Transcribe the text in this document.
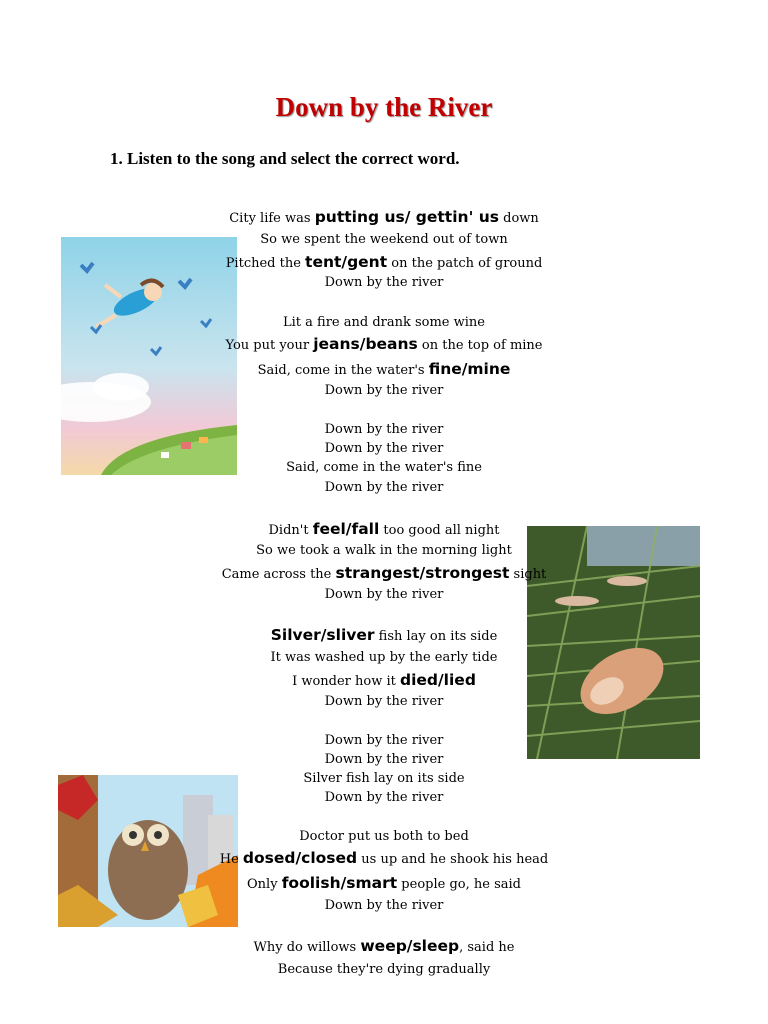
Down by the River
1. Listen to the song and select the correct word.
City life was putting us/ gettin' us down
So we spent the weekend out of town
Pitched the tent/gent on the patch of ground
Down by the river
Lit a fire and drank some wine
You put your jeans/beans on the top of mine
Said, come in the water's fine/mine
Down by the river
Down by the river
Down by the river
Said, come in the water's fine
Down by the river
Didn't feel/fall too good all night
So we took a walk in the morning light
Came across the strangest/strongest sight
Down by the river
Silver/sliver fish lay on its side
It was washed up by the early tide
I wonder how it died/lied
Down by the river
Down by the river
Down by the river
Silver fish lay on its side
Down by the river
Doctor put us both to bed
He dosed/closed us up and he shook his head
Only foolish/smart people go, he said
Down by the river
Why do willows weep/sleep, said he
Because they're dying gradually
